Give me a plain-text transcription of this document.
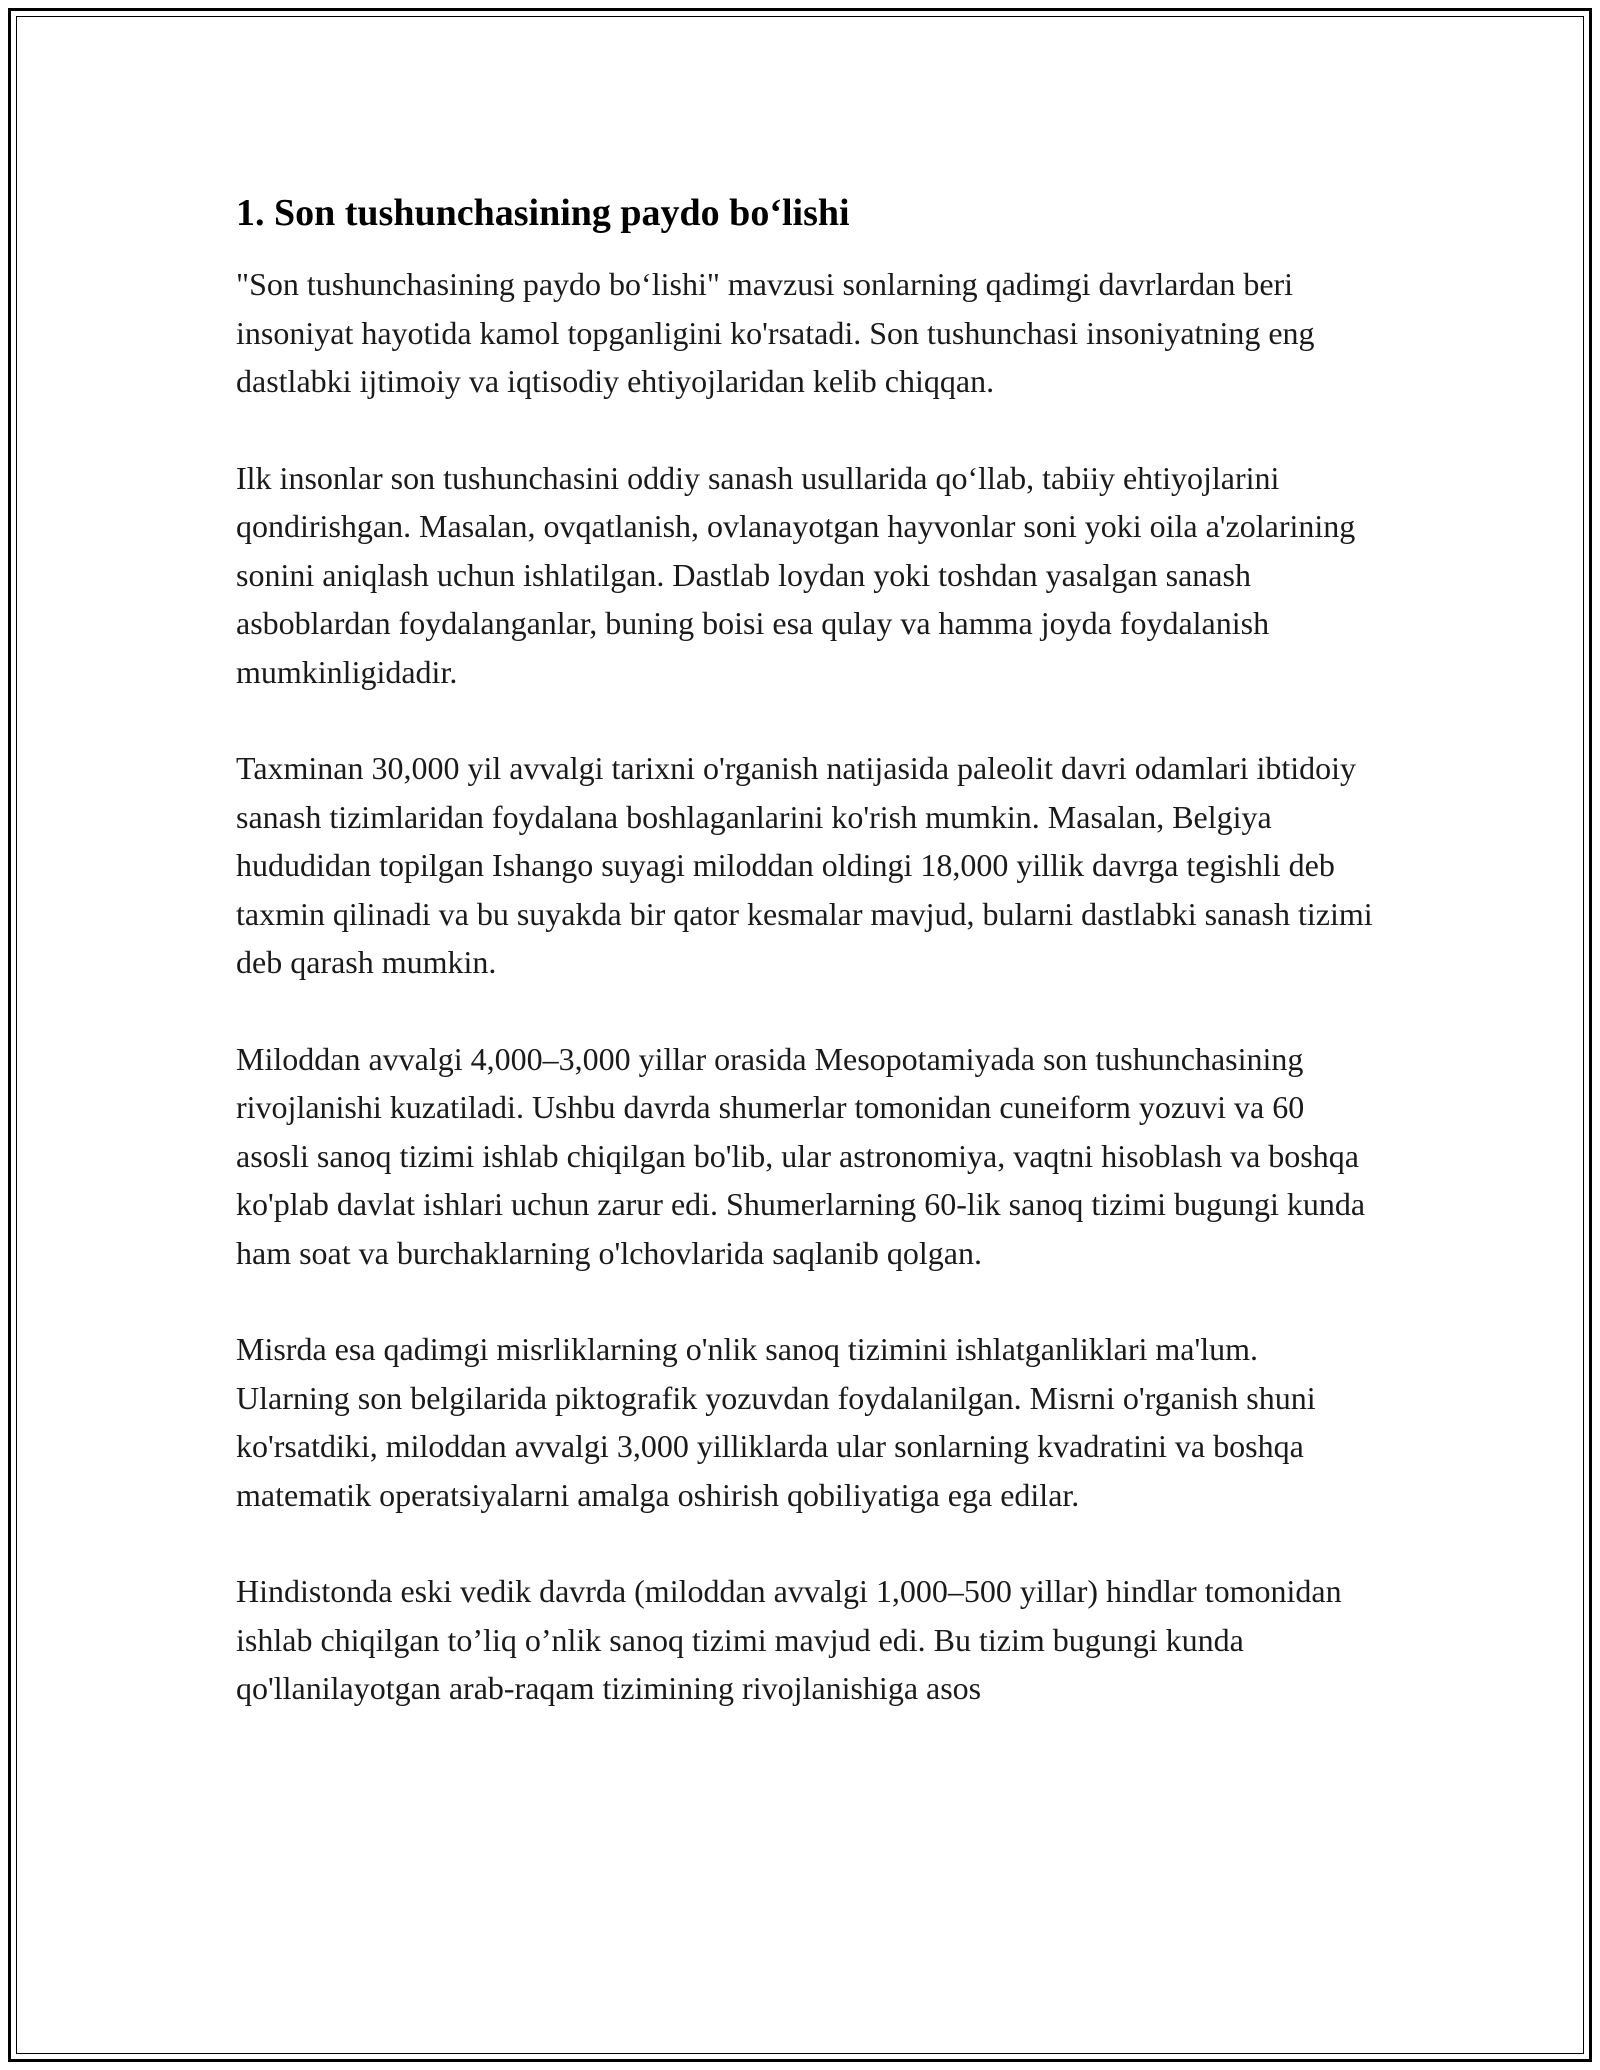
1. Son tushunchasining paydo bo‘lishi

"Son tushunchasining paydo bo‘lishi" mavzusi sonlarning qadimgi davrlardan beri insoniyat hayotida kamol topganligini ko'rsatadi. Son tushunchasi insoniyatning eng dastlabki ijtimoiy va iqtisodiy ehtiyojlaridan kelib chiqqan.

Ilk insonlar son tushunchasini oddiy sanash usullarida qo‘llab, tabiiy ehtiyojlarini qondirishgan. Masalan, ovqatlanish, ovlanayotgan hayvonlar soni yoki oila a'zolarining sonini aniqlash uchun ishlatilgan. Dastlab loydan yoki toshdan yasalgan sanash asboblardan foydalanganlar, buning boisi esa qulay va hamma joyda foydalanish mumkinligidadir.

Taxminan 30,000 yil avvalgi tarixni o'rganish natijasida paleolit davri odamlari ibtidoiy sanash tizimlaridan foydalana boshlaganlarini ko'rish mumkin. Masalan, Belgiya hududidan topilgan Ishango suyagi miloddan oldingi 18,000 yillik davrga tegishli deb taxmin qilinadi va bu suyakda bir qator kesmalar mavjud, bularni dastlabki sanash tizimi deb qarash mumkin.

Miloddan avvalgi 4,000–3,000 yillar orasida Mesopotamiyada son tushunchasining rivojlanishi kuzatiladi. Ushbu davrda shumerlar tomonidan cuneiform yozuvi va 60 asosli sanoq tizimi ishlab chiqilgan bo'lib, ular astronomiya, vaqtni hisoblash va boshqa ko'plab davlat ishlari uchun zarur edi. Shumerlarning 60-lik sanoq tizimi bugungi kunda ham soat va burchaklarning o'lchovlarida saqlanib qolgan.

Misrda esa qadimgi misrliklarning o'nlik sanoq tizimini ishlatganliklari ma'lum. Ularning son belgilarida piktografik yozuvdan foydalanilgan. Misrni o'rganish shuni ko'rsatdiki, miloddan avvalgi 3,000 yilliklarda ular sonlarning kvadratini va boshqa matematik operatsiyalarni amalga oshirish qobiliyatiga ega edilar.

Hindistonda eski vedik davrda (miloddan avvalgi 1,000–500 yillar) hindlar tomonidan ishlab chiqilgan to’liq o’nlik sanoq tizimi mavjud edi. Bu tizim bugungi kunda qo'llanilayotgan arab-raqam tizimining rivojlanishiga asos
